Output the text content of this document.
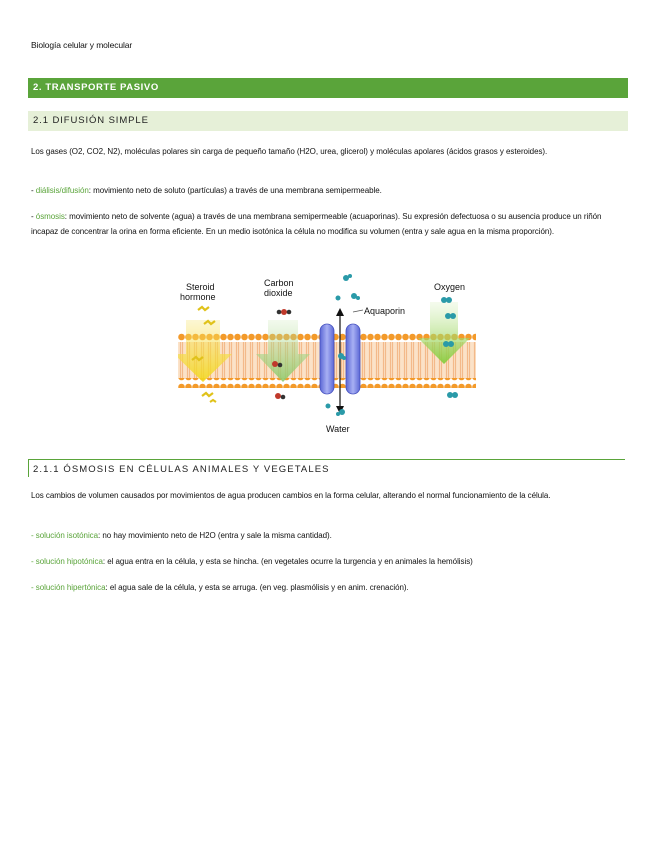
Biología celular y molecular
2. TRANSPORTE PASIVO
2.1 DIFUSIÓN SIMPLE
Los gases (O2, CO2, N2), moléculas polares sin carga de pequeño tamaño (H2O, urea, glicerol) y moléculas apolares (ácidos grasos y esteroides).
- diálisis/difusión: movimiento neto de soluto (partículas) a través de una membrana semipermeable.
- ósmosis: movimiento neto de solvente (agua) a través de una membrana semipermeable (acuaporinas). Su expresión defectuosa o su ausencia produce un riñón incapaz de concentrar la orina en forma eficiente. En un medio isotónica la célula no modifica su volumen (entra y sale agua en la misma proporción).
Steroid
hormone
Carbon
dioxide
Aquaporin
Oxygen
Water
2.1.1 ÓSMOSIS EN CÉLULAS ANIMALES Y VEGETALES
Los cambios de volumen causados por movimientos de agua producen cambios en la forma celular, alterando el normal funcionamiento de la célula.
- solución isotónica: no hay movimiento neto de H2O (entra y sale la misma cantidad).
- solución hipotónica: el agua entra en la célula, y esta se hincha. (en vegetales ocurre la turgencia y en animales la hemólisis)
- solución hipertónica: el agua sale de la célula, y esta se arruga. (en veg. plasmólisis y en anim. crenación).
